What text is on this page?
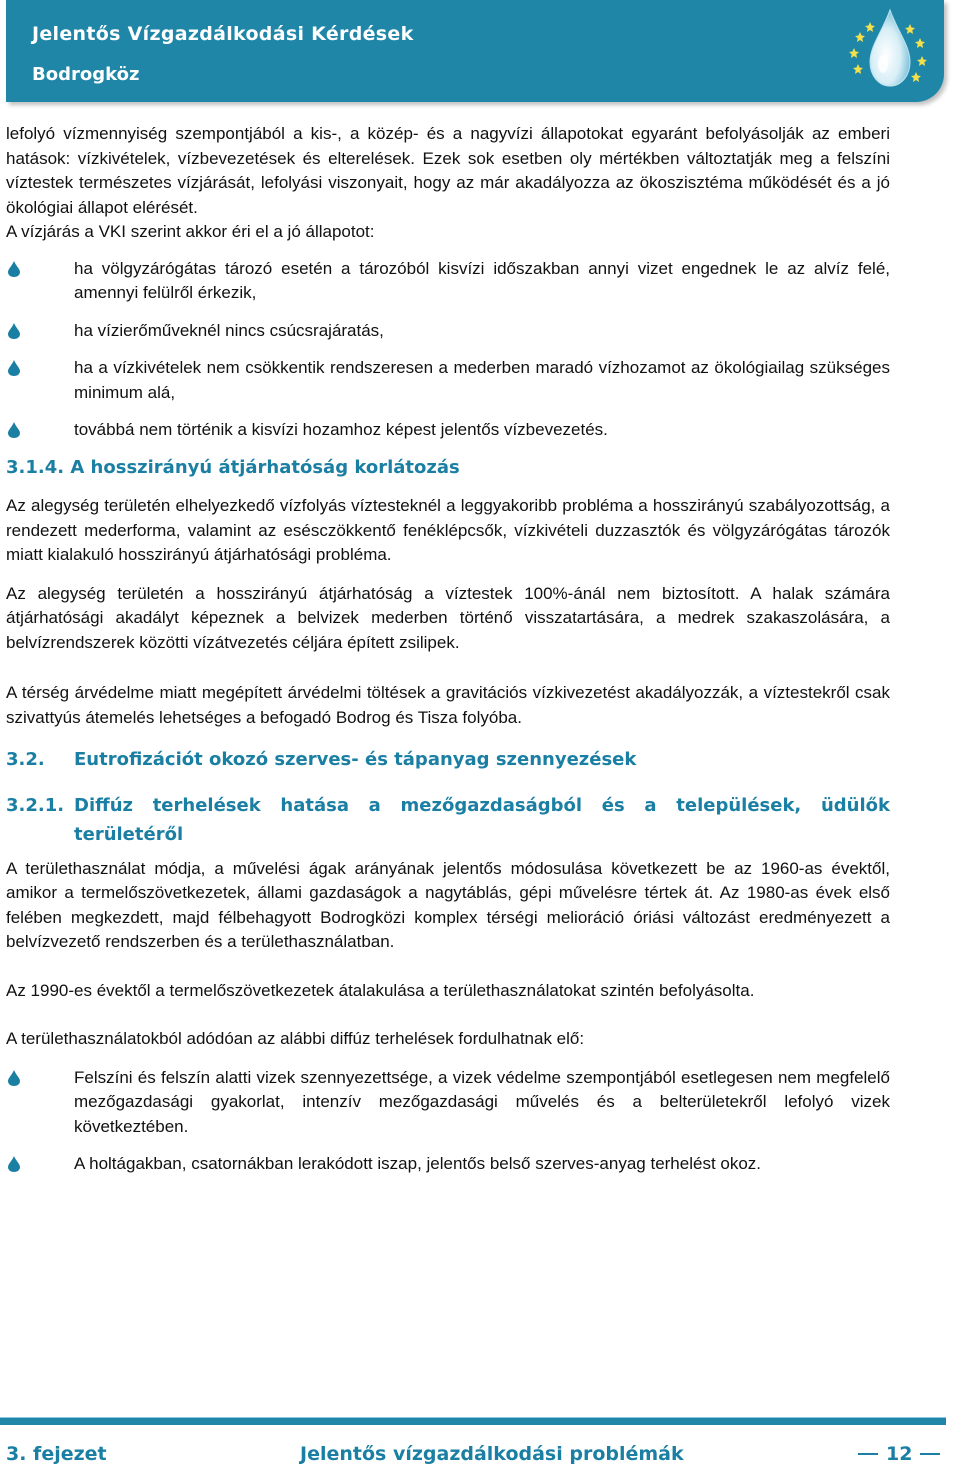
Jelentős Vízgazdálkodási Kérdések
Bodrogköz

lefolyó vízmennyiség szempontjából a kis-, a közép- és a nagyvízi állapotokat egyaránt befolyásolják az emberi hatások: vízkivételek, vízbevezetések és elterelések. Ezek sok esetben oly mértékben változtatják meg a felszíni víztestek természetes vízjárását, lefolyási viszonyait, hogy az már akadályozza az ökoszisztéma működését és a jó ökológiai állapot elérését.

A vízjárás a VKI szerint akkor éri el a jó állapotot:

ha völgyzárógátas tározó esetén a tározóból kisvízi időszakban annyi vizet engednek le az alvíz felé, amennyi felülről érkezik,
ha vízierőműveknél nincs csúcsrajáratás,
ha a vízkivételek nem csökkentik rendszeresen a mederben maradó vízhozamot az ökológiailag szükséges minimum alá,
továbbá nem történik a kisvízi hozamhoz képest jelentős vízbevezetés.
3.1.4. A hosszirányú átjárhatóság korlátozás

Az alegység területén elhelyezkedő vízfolyás víztesteknél a leggyakoribb probléma a hosszirányú szabályozottság, a rendezett mederforma, valamint az esésczökkentő fenéklépcsők, vízkivételi duzzasztók és völgyzárógátas tározók miatt kialakuló hosszirányú átjárhatósági probléma.

Az alegység területén a hosszirányú átjárhatóság a víztestek 100%-ánál nem biztosított. A halak számára átjárhatósági akadályt képeznek a belvizek mederben történő visszatartására, a medrek szakaszolására, a belvízrendszerek közötti vízátvezetés céljára épített zsilipek.

A térség árvédelme miatt megépített árvédelmi töltések a gravitációs vízkivezetést akadályozzák, a víztestekről csak szivattyús átemelés lehetséges a befogadó Bodrog és Tisza folyóba.

3.2. Eutrofizációt okozó szerves- és tápanyag szennyezések
3.2.1. Diffúz terhelések hatása a mezőgazdaságból és a települések, üdülők területéről

A területhasználat módja, a művelési ágak arányának jelentős módosulása következett be az 1960-as évektől, amikor a termelőszövetkezetek, állami gazdaságok a nagytáblás, gépi művelésre tértek át. Az 1980-as évek első felében megkezdett, majd félbehagyott Bodrogközi komplex térségi melioráció óriási változást eredményezett a belvízvezető rendszerben és a területhasználatban.

Az 1990-es évektől a termelőszövetkezetek átalakulása a területhasználatokat szintén befolyásolta.

A területhasználatokból adódóan az alábbi diffúz terhelések fordulhatnak elő:

Felszíni és felszín alatti vizek szennyezettsége, a vizek védelme szempontjából esetlegesen nem megfelelő mezőgazdasági gyakorlat, intenzív mezőgazdasági művelés és a belterületekről lefolyó vizek következtében.
A holtágakban, csatornákban lerakódott iszap, jelentős belső szerves-anyag terhelést okoz.
3. fejezet	Jelentős vízgazdálkodási problémák	12
